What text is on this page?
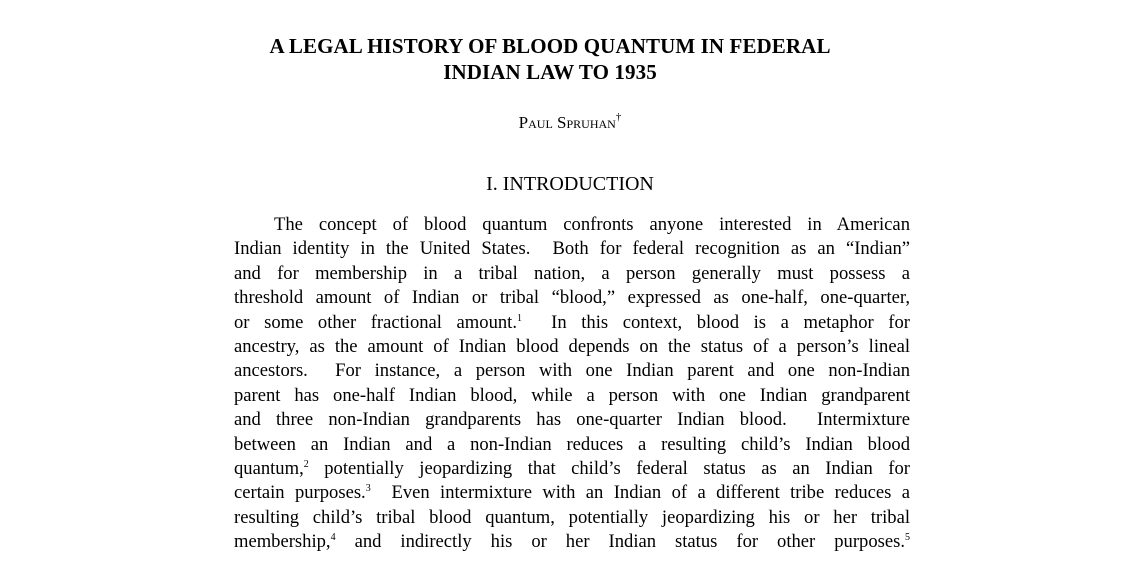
A LEGAL HISTORY OF BLOOD QUANTUM IN FEDERAL
INDIAN LAW TO 1935
Paul Spruhan†
I. INTRODUCTION
The concept of blood quantum confronts anyone interested in American
Indian identity in the United States.  Both for federal recognition as an “Indian”
and for membership in a tribal nation, a person generally must possess a
threshold amount of Indian or tribal “blood,” expressed as one-half, one-quarter,
or some other fractional amount.$^1$  In this context, blood is a metaphor for
ancestry, as the amount of Indian blood depends on the status of a person’s lineal
ancestors.  For instance, a person with one Indian parent and one non-Indian
parent has one-half Indian blood, while a person with one Indian grandparent
and three non-Indian grandparents has one-quarter Indian blood.  Intermixture
between an Indian and a non-Indian reduces a resulting child’s Indian blood
quantum,$^2$ potentially jeopardizing that child’s federal status as an Indian for
certain purposes.$^3$  Even intermixture with an Indian of a different tribe reduces a
resulting child’s tribal blood quantum, potentially jeopardizing his or her tribal
membership,$^4$ and indirectly his or her Indian status for other purposes.$^5$
